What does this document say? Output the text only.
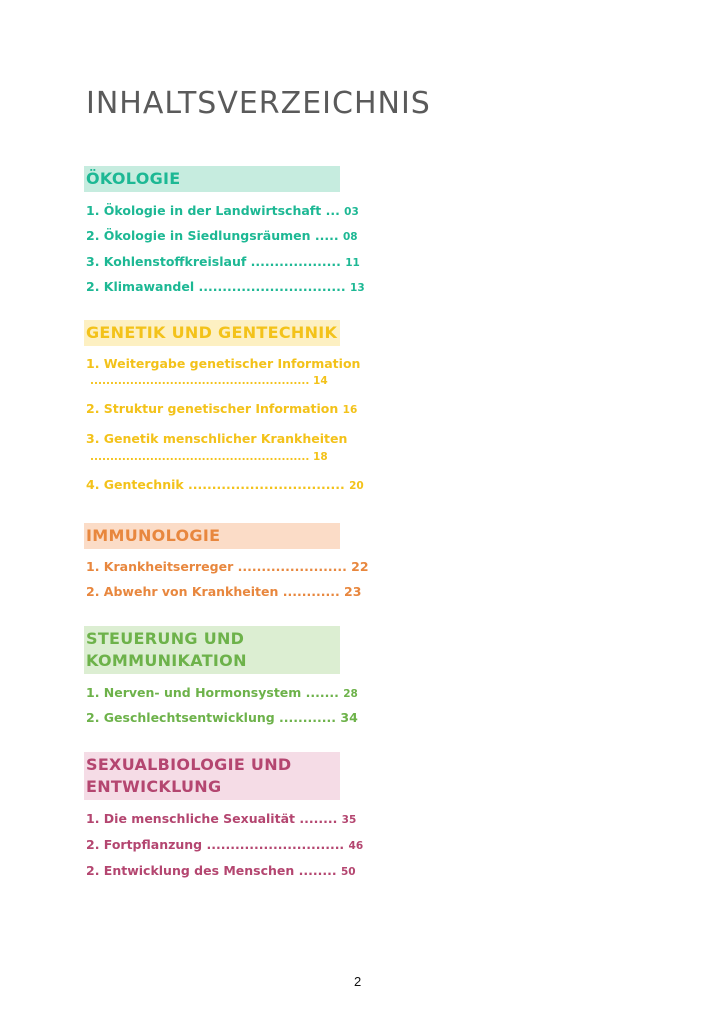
INHALTSVERZEICHNIS
ÖKOLOGIE
1. Ökologie in der Landwirtschaft ... 03
2. Ökologie in Siedlungsräumen ..... 08
3. Kohlenstoffkreislauf ................... 11
2. Klimawandel ............................... 13
GENETIK UND GENTECHNIK
1. Weitergabe genetischer Information
....................................................... 14
2. Struktur genetischer Information 16
3. Genetik menschlicher Krankheiten
....................................................... 18
4. Gentechnik ................................. 20
IMMUNOLOGIE
1. Krankheitserreger ....................... 22
2. Abwehr von Krankheiten ............ 23
STEUERUNG UND
KOMMUNIKATION
1. Nerven- und Hormonsystem ....... 28
2. Geschlechtsentwicklung ............ 34
SEXUALBIOLOGIE UND
ENTWICKLUNG
1. Die menschliche Sexualität ........ 35
2. Fortpflanzung ............................. 46
2. Entwicklung des Menschen ........ 50
2
